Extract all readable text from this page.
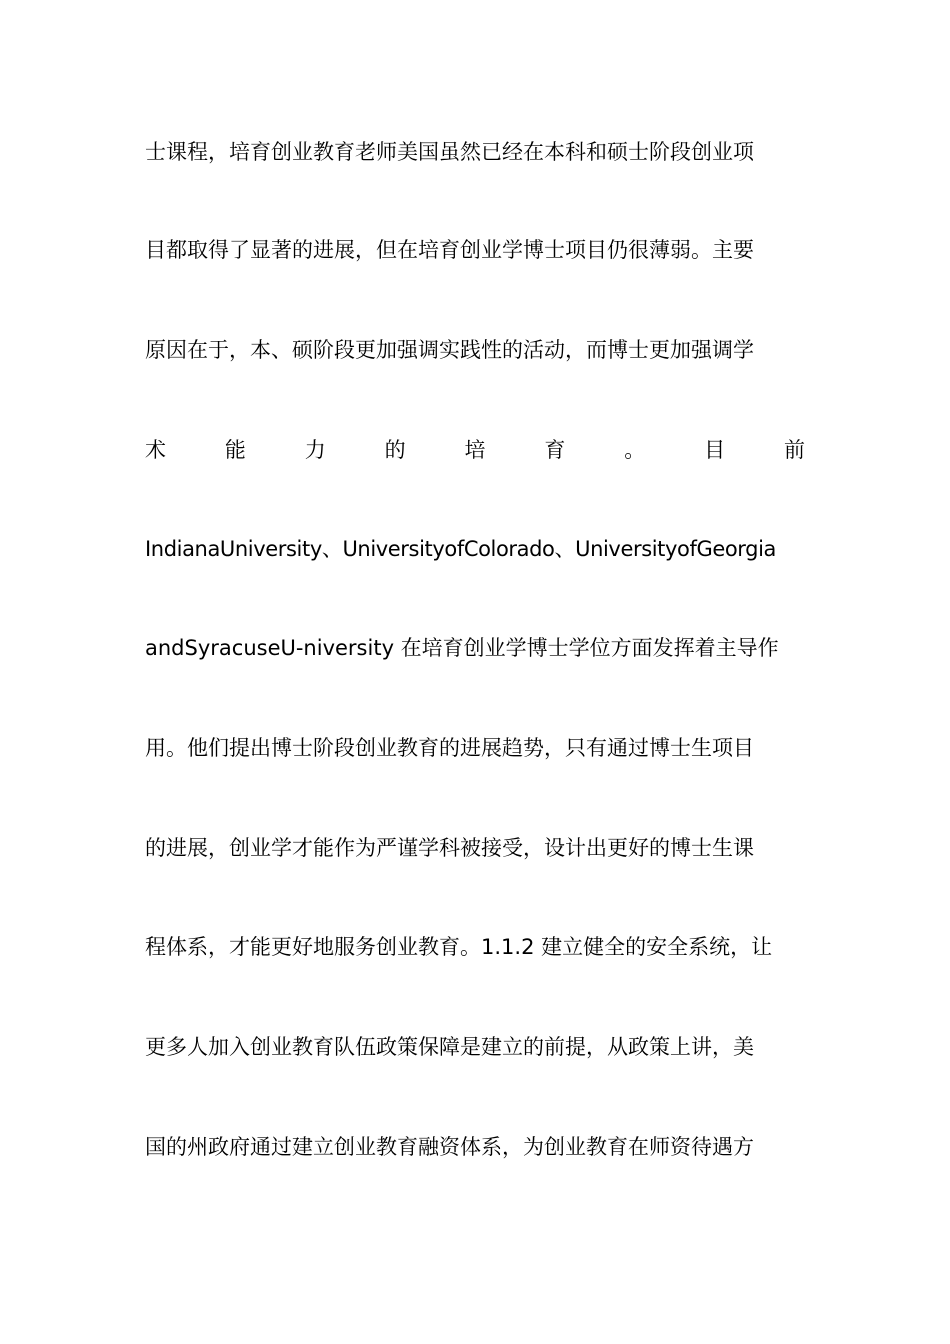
士课程，培育创业教育老师美国虽然已经在本科和硕士阶段创业项
目都取得了显著的进展，但在培育创业学博士项目仍很薄弱。主要
原因在于，本、硕阶段更加强调实践性的活动，而博士更加强调学
术	能	力	的	培	育	。	目	前
IndianaUniversity、UniversityofColorado、UniversityofGeorgia
andSyracuseU-niversity 在培育创业学博士学位方面发挥着主导作
用。他们提出博士阶段创业教育的进展趋势，只有通过博士生项目
的进展，创业学才能作为严谨学科被接受，设计出更好的博士生课
程体系，才能更好地服务创业教育。1.1.2 建立健全的安全系统，让
更多人加入创业教育队伍政策保障是建立的前提，从政策上讲，美
国的州政府通过建立创业教育融资体系，为创业教育在师资待遇方
